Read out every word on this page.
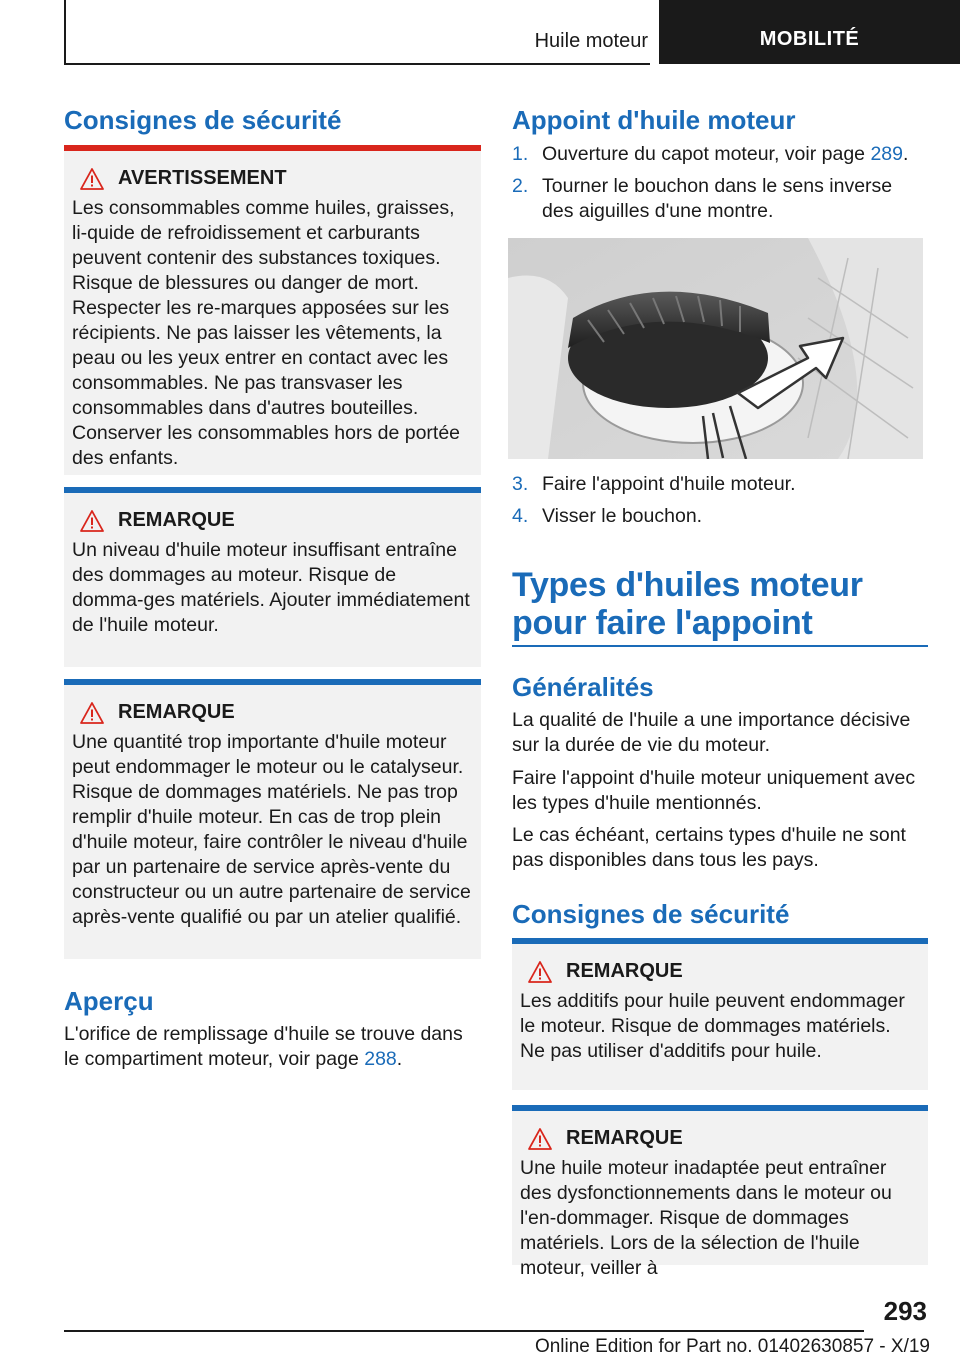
Huile moteur	MOBILITÉ
Consignes de sécurité
AVERTISSEMENT
Les consommables comme huiles, graisses, li-quide de refroidissement et carburants peuvent contenir des substances toxiques. Risque de blessures ou danger de mort. Respecter les re-marques apposées sur les récipients. Ne pas laisser les vêtements, la peau ou les yeux entrer en contact avec les consommables. Ne pas transvaser les consommables dans d'autres bouteilles. Conserver les consommables hors de portée des enfants.
REMARQUE
Un niveau d'huile moteur insuffisant entraîne des dommages au moteur. Risque de domma-ges matériels. Ajouter immédiatement de l'huile moteur.
REMARQUE
Une quantité trop importante d'huile moteur peut endommager le moteur ou le catalyseur. Risque de dommages matériels. Ne pas trop remplir d'huile moteur. En cas de trop plein d'huile moteur, faire contrôler le niveau d'huile par un partenaire de service après-vente du constructeur ou un autre partenaire de service après-vente qualifié ou par un atelier qualifié.
Aperçu

L'orifice de remplissage d'huile se trouve dans le compartiment moteur, voir page 288.

Appoint d'huile moteur
1. Ouverture du capot moteur, voir page 289.
2. Tourner le bouchon dans le sens inverse des aiguilles d'une montre.
3. Faire l'appoint d'huile moteur.
4. Visser le bouchon.
Types d'huiles moteur pour faire l'appoint
Généralités

La qualité de l'huile a une importance décisive sur la durée de vie du moteur.

Faire l'appoint d'huile moteur uniquement avec les types d'huile mentionnés.

Le cas échéant, certains types d'huile ne sont pas disponibles dans tous les pays.

Consignes de sécurité
REMARQUE
Les additifs pour huile peuvent endommager le moteur. Risque de dommages matériels. Ne pas utiliser d'additifs pour huile.
REMARQUE
Une huile moteur inadaptée peut entraîner des dysfonctionnements dans le moteur ou l'en-dommager. Risque de dommages matériels. Lors de la sélection de l'huile moteur, veiller à
293
Online Edition for Part no. 01402630857 - X/19
